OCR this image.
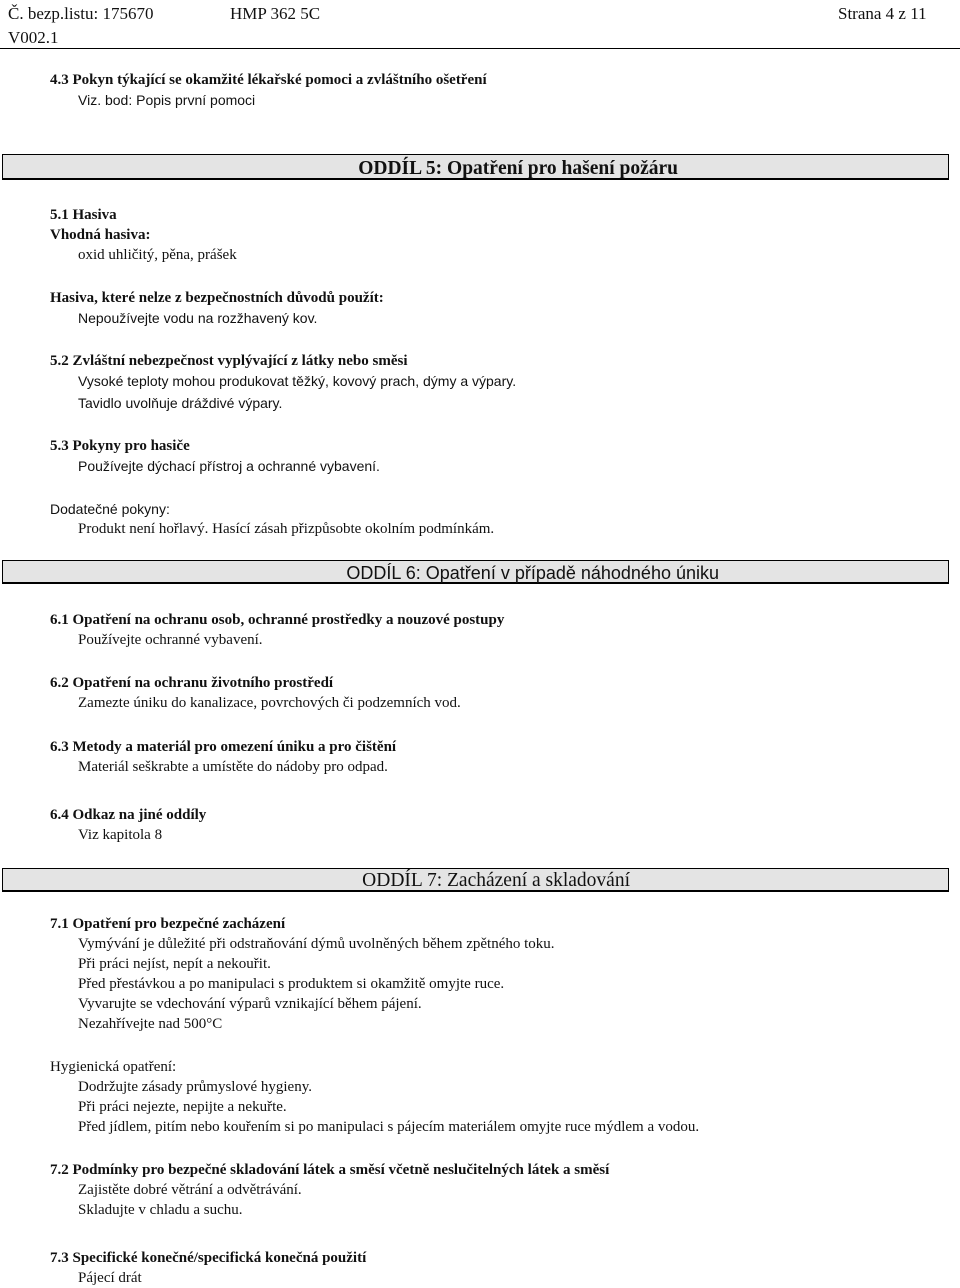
Č. bezp.listu: 175670	HMP 362 5C	Strana 4 z 11
V002.1
4.3 Pokyn týkající se okamžité lékařské pomoci a zvláštního ošetření
Viz. bod: Popis první pomoci
ODDÍL 5: Opatření pro hašení požáru
5.1 Hasiva
Vhodná hasiva:
oxid uhličitý, pěna, prášek
Hasiva, které nelze z bezpečnostních důvodů použít:
Nepoužívejte vodu na rozžhavený kov.
5.2 Zvláštní nebezpečnost vyplývající z látky nebo směsi
Vysoké teploty mohou produkovat těžký, kovový prach, dýmy a výpary.
Tavidlo uvolňuje dráždivé výpary.
5.3 Pokyny pro hasiče
Používejte dýchací přístroj a ochranné vybavení.
Dodatečné pokyny:
Produkt není hořlavý. Hasící zásah přizpůsobte okolním podmínkám.
ODDÍL 6: Opatření v případě náhodného úniku
6.1 Opatření na ochranu osob, ochranné prostředky a nouzové postupy
Používejte ochranné vybavení.
6.2 Opatření na ochranu životního prostředí
Zamezte úniku do kanalizace, povrchových či podzemních vod.
6.3 Metody a materiál pro omezení úniku a pro čištění
Materiál seškrabte a umístěte do nádoby pro odpad.
6.4 Odkaz na jiné oddíly
Viz kapitola 8
ODDÍL 7: Zacházení a skladování
7.1 Opatření pro bezpečné zacházení
Vymývání je důležité při odstraňování dýmů uvolněných během zpětného toku.
Při práci nejíst, nepít a nekouřit.
Před přestávkou a po manipulaci s produktem si okamžitě omyjte ruce.
Vyvarujte se vdechování výparů vznikající během pájení.
Nezahřívejte nad 500°C
Hygienická opatření:
Dodržujte zásady průmyslové hygieny.
Při práci nejezte, nepijte a nekuřte.
Před jídlem, pitím nebo kouřením si po manipulaci s pájecím materiálem omyjte ruce mýdlem a vodou.
7.2 Podmínky pro bezpečné skladování látek a směsí včetně neslučitelných látek a směsí
Zajistěte dobré větrání a odvětrávání.
Skladujte v chladu a suchu.
7.3 Specifické konečné/specifická konečná použití
Pájecí drát
